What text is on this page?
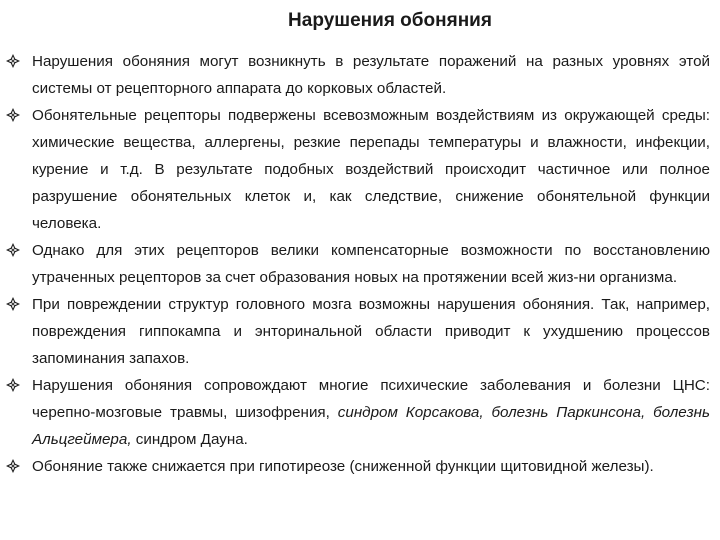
Нарушения обоняния
Нарушения обоняния могут возникнуть в результате поражений на разных уровнях этой системы от рецепторного аппарата до корковых областей.
Обонятельные рецепторы подвержены всевозможным воздействиям из окружающей среды: химические вещества, аллергены, резкие перепады температуры и влажности, инфекции, курение и т.д. В результате подобных воздействий происходит частичное или полное разрушение обонятельных клеток и, как следствие, снижение обонятельной функции человека.
Однако для этих рецепторов велики компенсаторные возможности по восстановлению утраченных рецепторов за счет образования новых на протяжении всей жиз-ни организма.
При повреждении структур головного мозга возможны нарушения обоняния. Так, например, повреждения гиппокампа и энторинальной области приводит к ухудшению процессов запоминания запахов.
Нарушения обоняния сопровождают многие психические заболевания и болезни ЦНС: черепно-мозговые травмы, шизофрения, синдром Корсакова, болезнь Паркинсона, болезнь Альцгеймера, синдром Дауна.
Обоняние также снижается при гипотиреозе (сниженной функции щитовидной железы).
